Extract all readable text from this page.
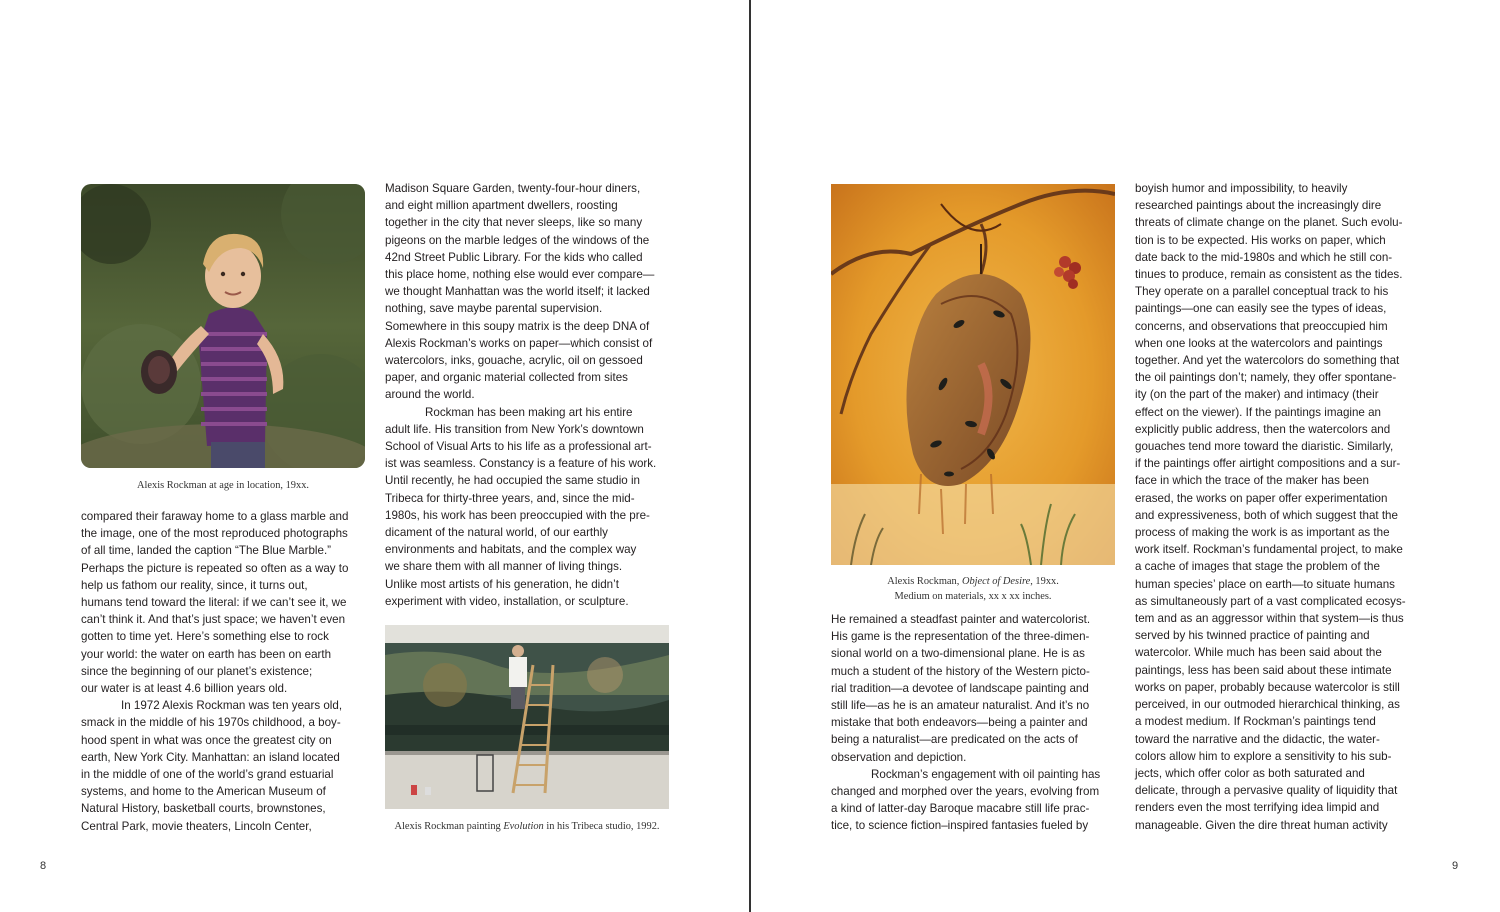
Alexis Rockman at age in location, 19xx.

compared their faraway home to a glass marble and
the image, one of the most reproduced photographs
of all time, landed the caption “The Blue Marble.”
Perhaps the picture is repeated so often as a way to
help us fathom our reality, since, it turns out,
humans tend toward the literal: if we can’t see it, we
can’t think it. And that’s just space; we haven’t even
gotten to time yet. Here’s something else to rock
your world: the water on earth has been on earth
since the beginning of our planet’s existence;
our water is at least 4.6 billion years old.

In 1972 Alexis Rockman was ten years old,
smack in the middle of his 1970s childhood, a boy-
hood spent in what was once the greatest city on
earth, New York City. Manhattan: an island located
in the middle of one of the world’s grand estuarial
systems, and home to the American Museum of
Natural History, basketball courts, brownstones,
Central Park, movie theaters, Lincoln Center,

Madison Square Garden, twenty-four-hour diners,
and eight million apartment dwellers, roosting
together in the city that never sleeps, like so many
pigeons on the marble ledges of the windows of the
42nd Street Public Library. For the kids who called
this place home, nothing else would ever compare—
we thought Manhattan was the world itself; it lacked
nothing, save maybe parental supervision.
Somewhere in this soupy matrix is the deep DNA of
Alexis Rockman’s works on paper—which consist of
watercolors, inks, gouache, acrylic, oil on gessoed
paper, and organic material collected from sites
around the world.

Rockman has been making art his entire
adult life. His transition from New York’s downtown
School of Visual Arts to his life as a professional art-
ist was seamless. Constancy is a feature of his work.
Until recently, he had occupied the same studio in
Tribeca for thirty-three years, and, since the mid-
1980s, his work has been preoccupied with the pre-
dicament of the natural world, of our earthly
environments and habitats, and the complex way
we share them with all manner of living things.
Unlike most artists of his generation, he didn’t
experiment with video, installation, or sculpture.

Alexis Rockman painting Evolution in his Tribeca studio, 1992.
8
Alexis Rockman, Object of Desire, 19xx.
Medium on materials, xx x xx inches.

He remained a steadfast painter and watercolorist.
His game is the representation of the three-dimen-
sional world on a two-dimensional plane. He is as
much a student of the history of the Western picto-
rial tradition—a devotee of landscape painting and
still life—as he is an amateur naturalist. And it’s no
mistake that both endeavors—being a painter and
being a naturalist—are predicated on the acts of
observation and depiction.

Rockman’s engagement with oil painting has
changed and morphed over the years, evolving from
a kind of latter-day Baroque macabre still life prac-
tice, to science fiction–inspired fantasies fueled by

boyish humor and impossibility, to heavily
researched paintings about the increasingly dire
threats of climate change on the planet. Such evolu-
tion is to be expected. His works on paper, which
date back to the mid-1980s and which he still con-
tinues to produce, remain as consistent as the tides.
They operate on a parallel conceptual track to his
paintings—one can easily see the types of ideas,
concerns, and observations that preoccupied him
when one looks at the watercolors and paintings
together. And yet the watercolors do something that
the oil paintings don’t; namely, they offer spontane-
ity (on the part of the maker) and intimacy (their
effect on the viewer). If the paintings imagine an
explicitly public address, then the watercolors and
gouaches tend more toward the diaristic. Similarly,
if the paintings offer airtight compositions and a sur-
face in which the trace of the maker has been
erased, the works on paper offer experimentation
and expressiveness, both of which suggest that the
process of making the work is as important as the
work itself. Rockman’s fundamental project, to make
a cache of images that stage the problem of the
human species’ place on earth—to situate humans
as simultaneously part of a vast complicated ecosys-
tem and as an aggressor within that system—is thus
served by his twinned practice of painting and
watercolor. While much has been said about the
paintings, less has been said about these intimate
works on paper, probably because watercolor is still
perceived, in our outmoded hierarchical thinking, as
a modest medium. If Rockman’s paintings tend
toward the narrative and the didactic, the water-
colors allow him to explore a sensitivity to his sub-
jects, which offer color as both saturated and
delicate, through a pervasive quality of liquidity that
renders even the most terrifying idea limpid and
manageable. Given the dire threat human activity

9
